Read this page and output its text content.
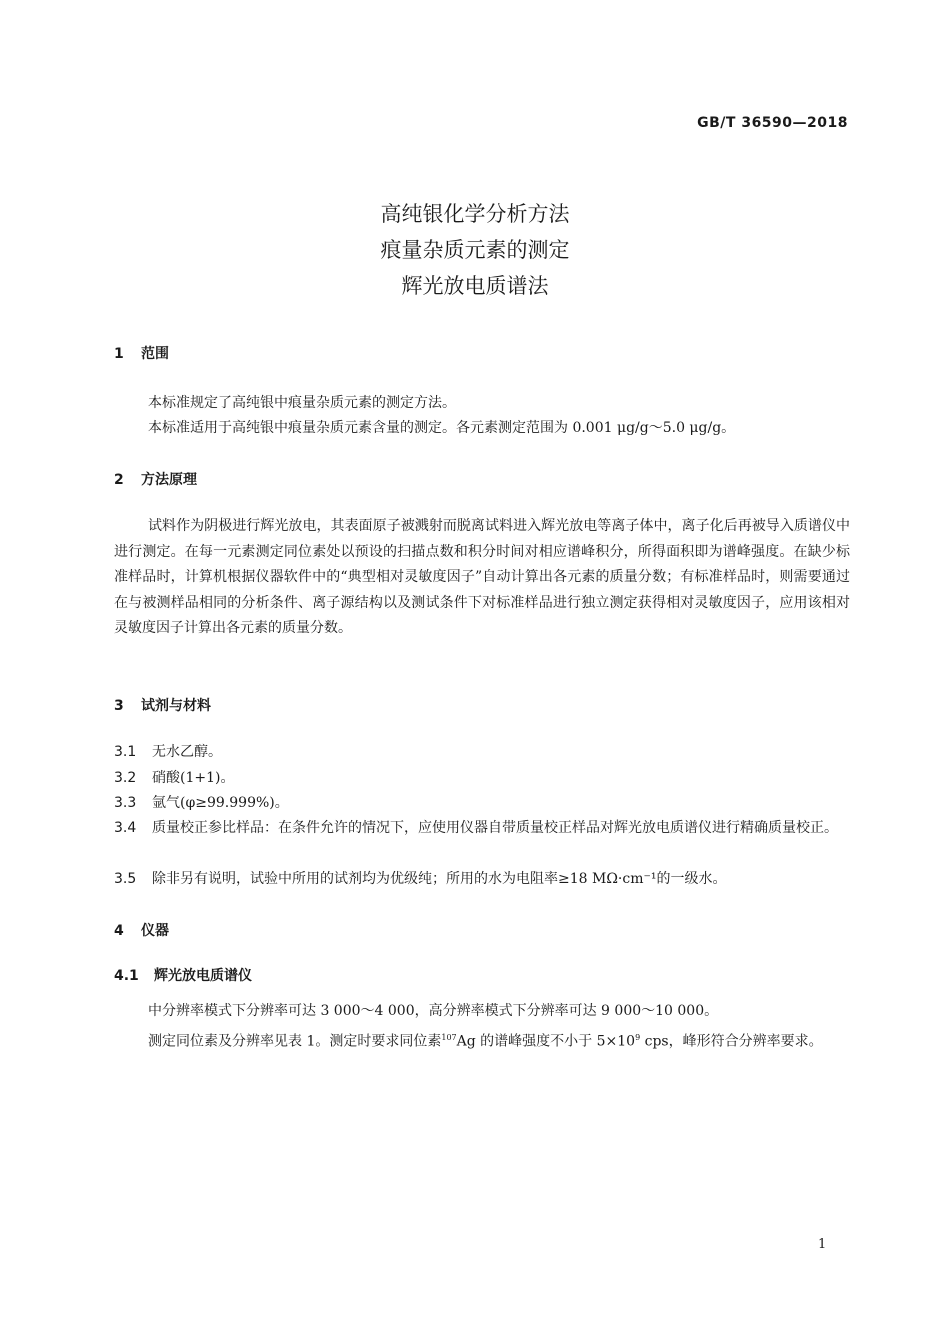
GB/T 36590—2018
高纯银化学分析方法
痕量杂质元素的测定
辉光放电质谱法
1 范围
本标准规定了高纯银中痕量杂质元素的测定方法。
本标准适用于高纯银中痕量杂质元素含量的测定。各元素测定范围为 0.001 μg/g～5.0 μg/g。
2 方法原理
试料作为阴极进行辉光放电，其表面原子被溅射而脱离试料进入辉光放电等离子体中，离子化后再被导入质谱仪中进行测定。在每一元素测定同位素处以预设的扫描点数和积分时间对相应谱峰积分，所得面积即为谱峰强度。在缺少标准样品时，计算机根据仪器软件中的“典型相对灵敏度因子”自动计算出各元素的质量分数；有标准样品时，则需要通过在与被测样品相同的分析条件、离子源结构以及测试条件下对标准样品进行独立测定获得相对灵敏度因子，应用该相对灵敏度因子计算出各元素的质量分数。
3 试剂与材料
3.1 无水乙醇。
3.2 硝酸(1+1)。
3.3 氩气(φ≥99.999%)。
3.4 质量校正参比样品：在条件允许的情况下，应使用仪器自带质量校正样品对辉光放电质谱仪进行精确质量校正。
3.5 除非另有说明，试验中所用的试剂均为优级纯；所用的水为电阻率≥18 MΩ·cm⁻¹的一级水。
4 仪器
4.1 辉光放电质谱仪
中分辨率模式下分辨率可达 3 000～4 000，高分辨率模式下分辨率可达 9 000～10 000。
测定同位素及分辨率见表 1。测定时要求同位素$^{107}$Ag 的谱峰强度不小于 $5\times 10^9$ cps，峰形符合分辨率要求。
1
